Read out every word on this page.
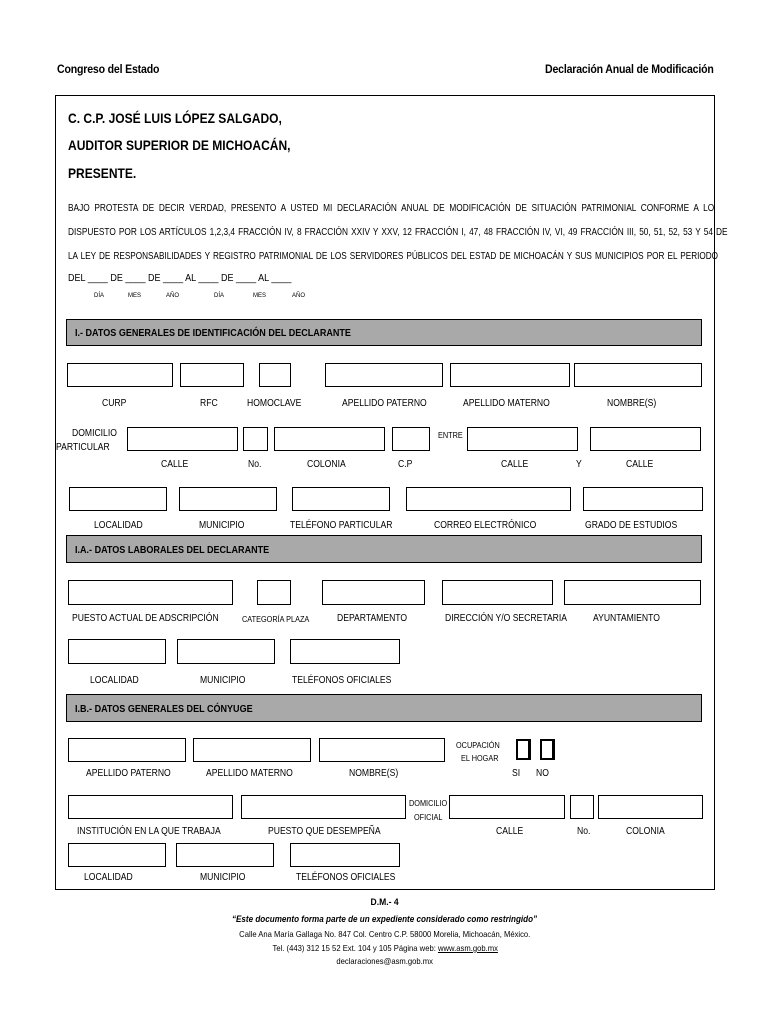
Congreso del Estado	Declaración Anual de Modificación
C. C.P. JOSÉ LUIS LÓPEZ SALGADO,
AUDITOR SUPERIOR DE MICHOACÁN,
PRESENTE.
BAJO PROTESTA DE DECIR VERDAD, PRESENTO A USTED MI DECLARACIÓN ANUAL DE MODIFICACIÓN DE SITUACIÓN PATRIMONIAL CONFORME A LO
DISPUESTO POR LOS ARTÍCULOS 1,2,3,4 FRACCIÓN IV, 8 FRACCIÓN XXIV Y XXV, 12 FRACCIÓN I, 47, 48 FRACCIÓN IV, VI, 49 FRACCIÓN III, 50, 51, 52, 53 Y 54 DE
LA LEY DE RESPONSABILIDADES Y REGISTRO PATRIMONIAL DE LOS SERVIDORES PÚBLICOS DEL ESTAD DE MICHOACÁN Y SUS MUNICIPIOS POR EL PERIODO
DEL ____ DE ____ DE ____ AL ____ DE ____ AL ____
DÍA	MES	AÑO	DÍA	MES	AÑO
I.- DATOS GENERALES DE IDENTIFICACIÓN DEL DECLARANTE
CURP	RFC	HOMOCLAVE	APELLIDO PATERNO	APELLIDO MATERNO	NOMBRE(S)
DOMICILIO
PARTICULAR
ENTRE
CALLE	No.	COLONIA	C.P	CALLE	Y	CALLE
LOCALIDAD	MUNICIPIO	TELÉFONO PARTICULAR	CORREO ELECTRÓNICO	GRADO DE ESTUDIOS
I.A.- DATOS LABORALES DEL DECLARANTE
PUESTO ACTUAL DE ADSCRIPCIÓN	CATEGORÍA PLAZA	DEPARTAMENTO	DIRECCIÓN Y/O SECRETARIA	AYUNTAMIENTO
LOCALIDAD	MUNICIPIO	TELÉFONOS OFICIALES
I.B.- DATOS GENERALES DEL CÓNYUGE
OCUPACIÓN
EL HOGAR
APELLIDO PATERNO	APELLIDO MATERNO	NOMBRE(S)	SI NO
DOMICILIO
OFICIAL
INSTITUCIÓN EN LA QUE TRABAJA	PUESTO QUE DESEMPEÑA	CALLE	No.	COLONIA
LOCALIDAD	MUNICIPIO	TELÉFONOS OFICIALES
D.M.- 4
“Este documento forma parte de un expediente considerado como restringido”
Calle Ana María Gallaga No. 847 Col. Centro C.P. 58000 Morelia, Michoacán, México.
Tel. (443) 312 15 52 Ext. 104 y 105 Página web: www.asm.gob.mx
declaraciones@asm.gob.mx
